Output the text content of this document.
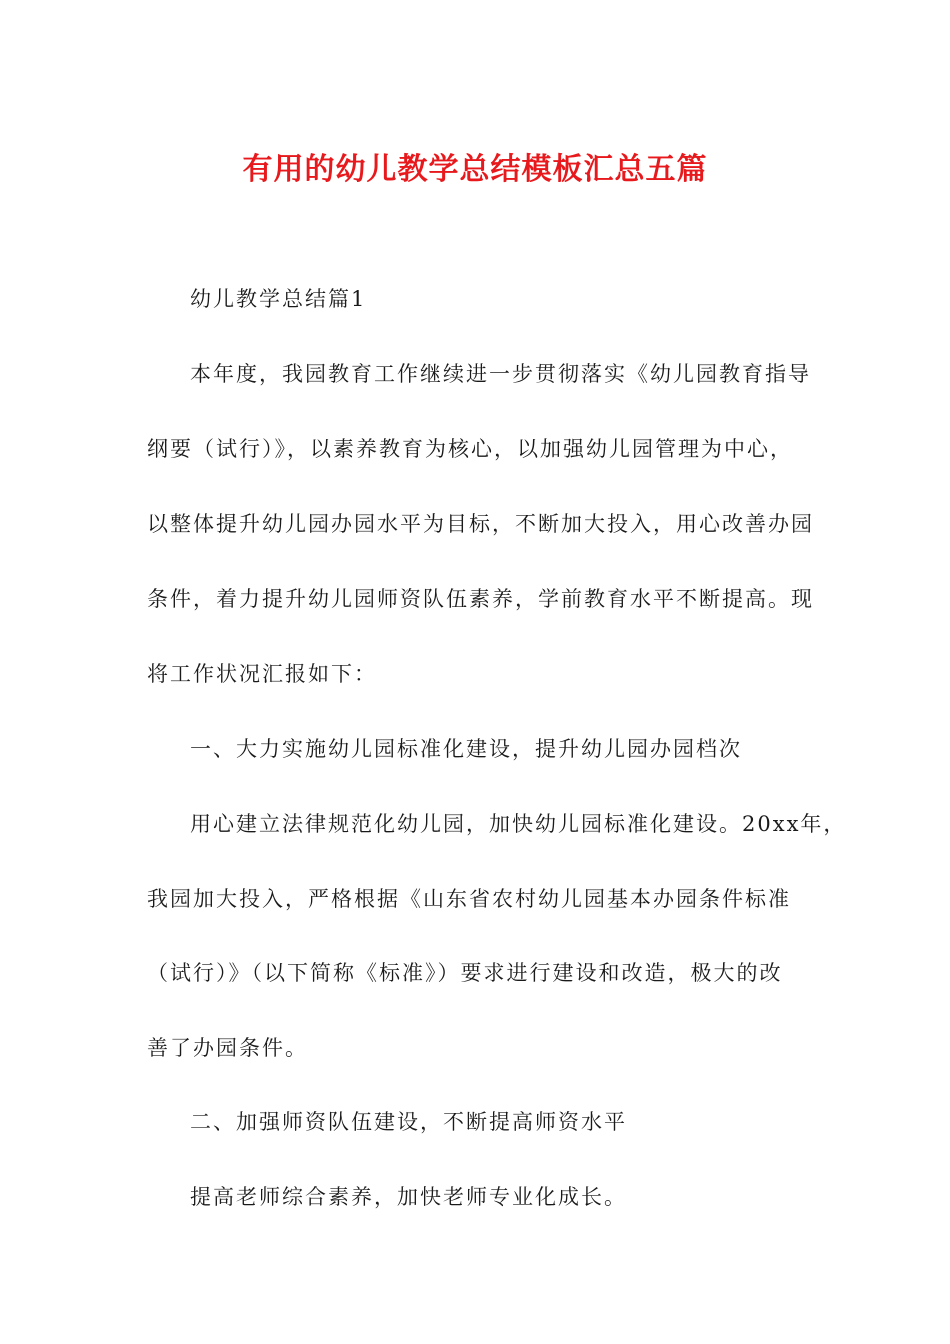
有用的幼儿教学总结模板汇总五篇
幼儿教学总结篇1
本年度，我园教育工作继续进一步贯彻落实《幼儿园教育指导
纲要（试行）》，以素养教育为核心，以加强幼儿园管理为中心，
以整体提升幼儿园办园水平为目标，不断加大投入，用心改善办园
条件，着力提升幼儿园师资队伍素养，学前教育水平不断提高。现
将工作状况汇报如下：
一、大力实施幼儿园标准化建设，提升幼儿园办园档次
用心建立法律规范化幼儿园，加快幼儿园标准化建设。20xx年，
我园加大投入，严格根据《山东省农村幼儿园基本办园条件标准
（试行）》（以下简称《标准》）要求进行建设和改造，极大的改
善了办园条件。
二、加强师资队伍建设，不断提高师资水平
提高老师综合素养，加快老师专业化成长。
